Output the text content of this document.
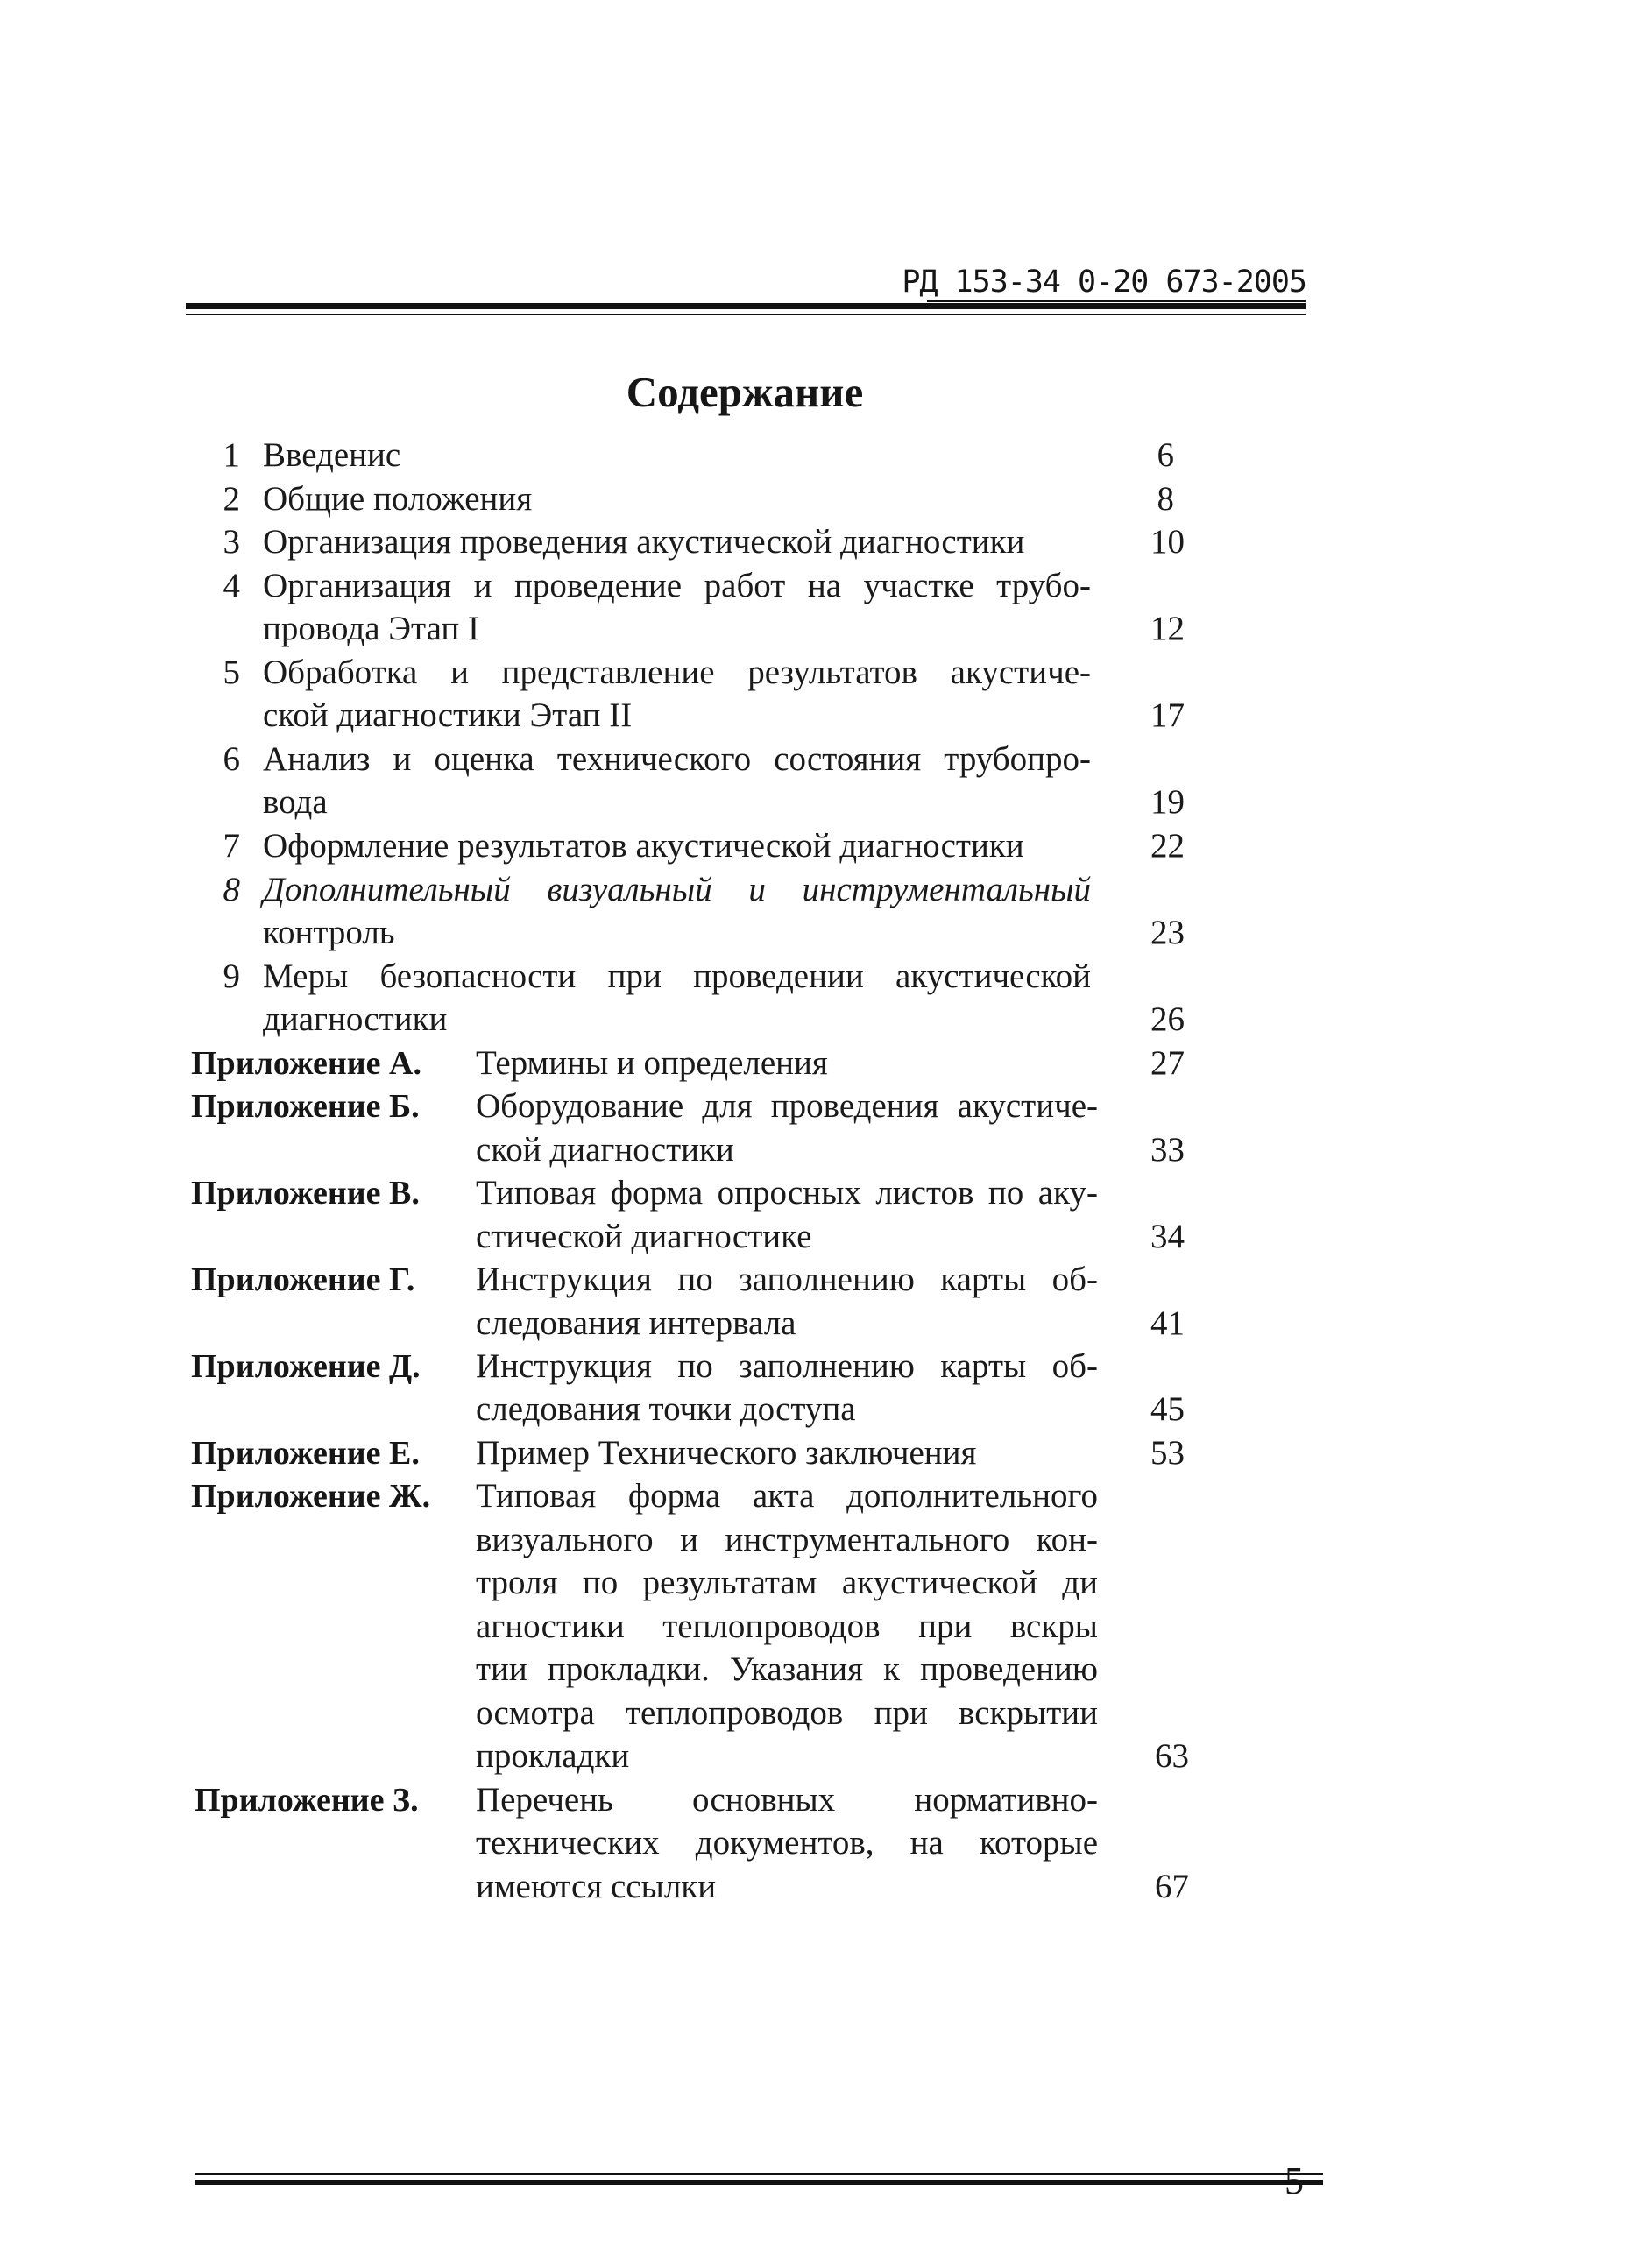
РД 153-34 0-20 673-2005
Содержание
1 Введенис	6
2 Общие положения	8
3 Организация проведения акустической диагностики	10
4 Организация и проведение работ на участке трубо-
провода Этап I	12
5 Обработка и представление результатов акустиче-
ской диагностики Этап II	17
6 Анализ и оценка технического состояния трубопро-
вода	19
7 Оформление результатов акустической диагностики	22
8 Дополнительный визуальный и инструментальный
контроль	23
9 Меры безопасности при проведении акустической
диагностики	26
Приложение А. Термины и определения	27
Приложение Б. Оборудование для проведения акустиче-
ской диагностики	33
Приложение В. Типовая форма опросных листов по аку-
стической диагностике	34
Приложение Г. Инструкция по заполнению карты об-
следования интервала	41
Приложение Д. Инструкция по заполнению карты об-
следования точки доступа	45
Приложение Е. Пример Технического заключения	53
Приложение Ж. Типовая форма акта дополнительного
визуального и инструментального кон-
троля по результатам акустической ди
агностики теплопроводов при вскры
тии прокладки. Указания к проведению
осмотра теплопроводов при вскрытии
прокладки	63
Приложение З. Перечень основных нормативно-
технических документов, на которые
имеются ссылки	67
5
